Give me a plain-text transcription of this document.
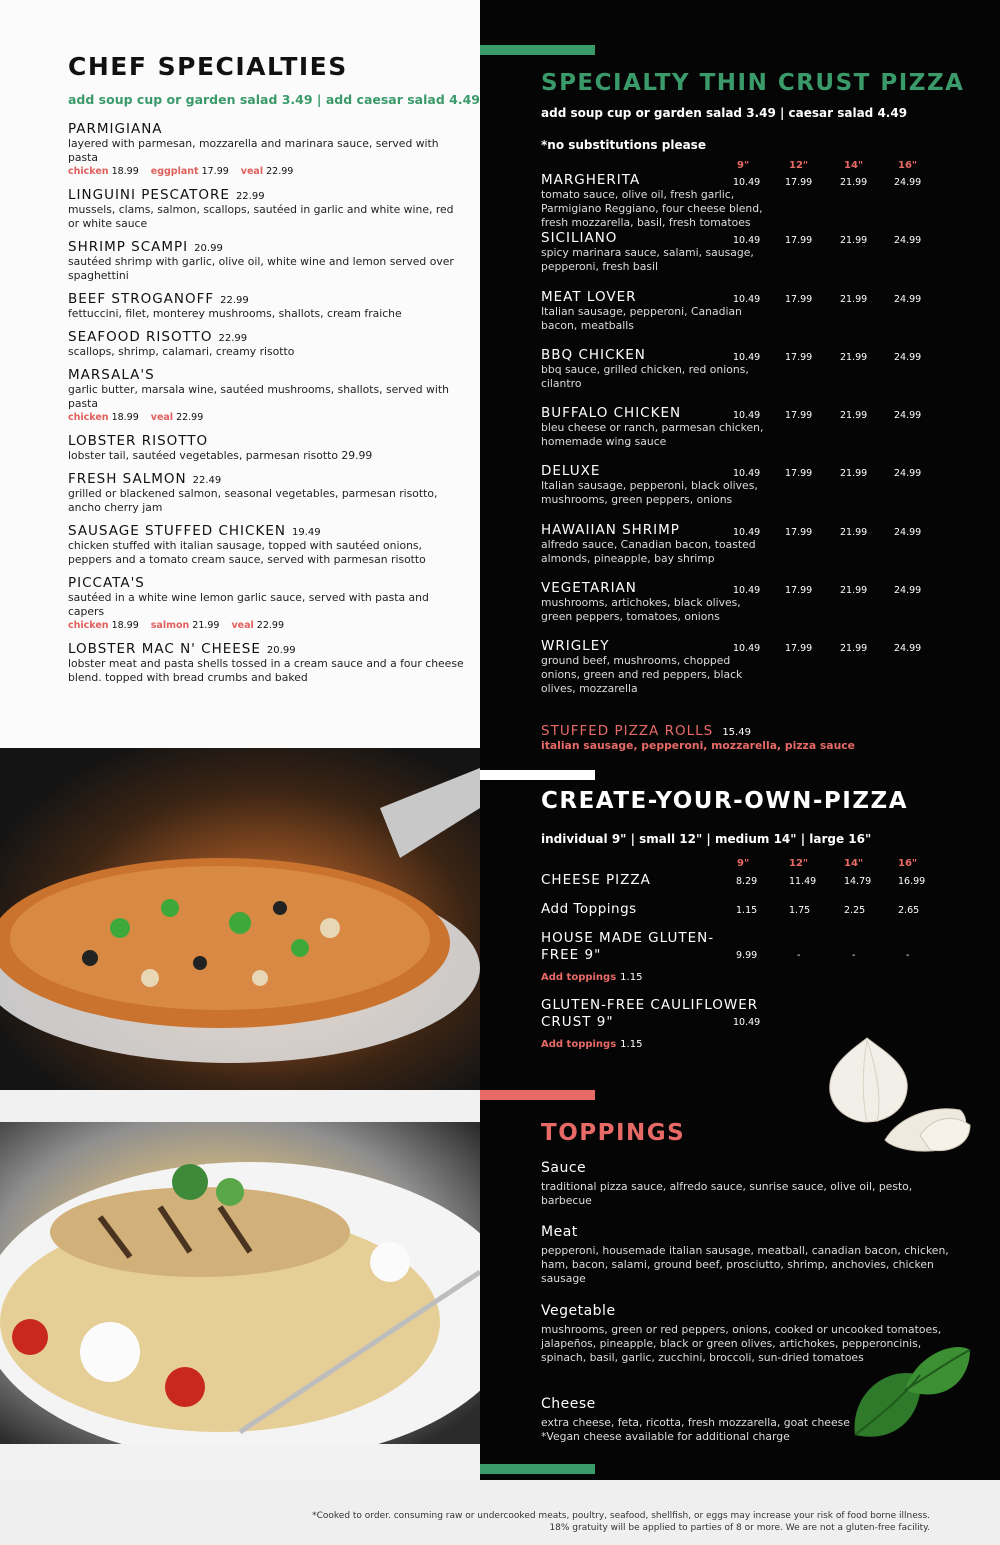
CHEF SPECIALTIES
add soup cup or garden salad 3.49 | add caesar salad 4.49
PARMIGIANA
layered with parmesan, mozzarella and marinara sauce, served with pasta
chicken 18.99 eggplant 17.99 veal 22.99
LINGUINI PESCATORE 22.99
mussels, clams, salmon, scallops, sautéed in garlic and white wine, red or white sauce
SHRIMP SCAMPI 20.99
sautéed shrimp with garlic, olive oil, white wine and lemon served over spaghettini
BEEF STROGANOFF 22.99
fettuccini, filet, monterey mushrooms, shallots, cream fraiche
SEAFOOD RISOTTO 22.99
scallops, shrimp, calamari, creamy risotto
MARSALA'S
garlic butter, marsala wine, sautéed mushrooms, shallots, served with pasta
chicken 18.99 veal 22.99
LOBSTER RISOTTO
lobster tail, sautéed vegetables, parmesan risotto 29.99
FRESH SALMON 22.49
grilled or blackened salmon, seasonal vegetables, parmesan risotto, ancho cherry jam
SAUSAGE STUFFED CHICKEN 19.49
chicken stuffed with italian sausage, topped with sautéed onions, peppers and a tomato cream sauce, served with parmesan risotto
PICCATA'S
sautéed in a white wine lemon garlic sauce, served with pasta and capers
chicken 18.99 salmon 21.99 veal 22.99
LOBSTER MAC N' CHEESE 20.99
lobster meat and pasta shells tossed in a cream sauce and a four cheese blend. topped with bread crumbs and baked
SPECIALTY THIN CRUST PIZZA
add soup cup or garden salad 3.49 | caesar salad 4.49
*no substitutions please
9"	12"	14"	16"
MARGHERITA
tomato sauce, olive oil, fresh garlic, Parmigiano Reggiano, four cheese blend, fresh mozzarella, basil, fresh tomatoes
10.49	17.99	21.99	24.99
SICILIANO
spicy marinara sauce, salami, sausage, pepperoni, fresh basil
10.49	17.99	21.99	24.99
MEAT LOVER
Italian sausage, pepperoni, Canadian bacon, meatballs
10.49	17.99	21.99	24.99
BBQ CHICKEN
bbq sauce, grilled chicken, red onions, cilantro
10.49	17.99	21.99	24.99
BUFFALO CHICKEN
bleu cheese or ranch, parmesan chicken, homemade wing sauce
10.49	17.99	21.99	24.99
DELUXE
Italian sausage, pepperoni, black olives, mushrooms, green peppers, onions
10.49	17.99	21.99	24.99
HAWAIIAN SHRIMP
alfredo sauce, Canadian bacon, toasted almonds, pineapple, bay shrimp
10.49	17.99	21.99	24.99
VEGETARIAN
mushrooms, artichokes, black olives, green peppers, tomatoes, onions
10.49	17.99	21.99	24.99
WRIGLEY
ground beef, mushrooms, chopped onions, green and red peppers, black olives, mozzarella
10.49	17.99	21.99	24.99
STUFFED PIZZA ROLLS 15.49
italian sausage, pepperoni, mozzarella, pizza sauce
CREATE-YOUR-OWN-PIZZA
individual 9" | small 12" | medium 14" | large 16"
9"	12"	14"	16"
CHEESE PIZZA	8.29	11.49	14.79	16.99
Add Toppings	1.15	1.75	2.25	2.65
HOUSE MADE GLUTEN-FREE 9"	9.99	-	-	-
Add toppings 1.15
GLUTEN-FREE CAULIFLOWER CRUST 9"	10.49
Add toppings 1.15
TOPPINGS
Sauce
traditional pizza sauce, alfredo sauce, sunrise sauce, olive oil, pesto, barbecue
Meat
pepperoni, housemade italian sausage, meatball, canadian bacon, chicken, ham, bacon, salami, ground beef, prosciutto, shrimp, anchovies, chicken sausage
Vegetable
mushrooms, green or red peppers, onions, cooked or uncooked tomatoes, jalapeños, pineapple, black or green olives, artichokes, pepperoncinis, spinach, basil, garlic, zucchini, broccoli, sun-dried tomatoes
Cheese
extra cheese, feta, ricotta, fresh mozzarella, goat cheese
*Vegan cheese available for additional charge
*Cooked to order. consuming raw or undercooked meats, poultry, seafood, shellfish, or eggs may increase your risk of food borne illness.
18% gratuity will be applied to parties of 8 or more. We are not a gluten-free facility.
